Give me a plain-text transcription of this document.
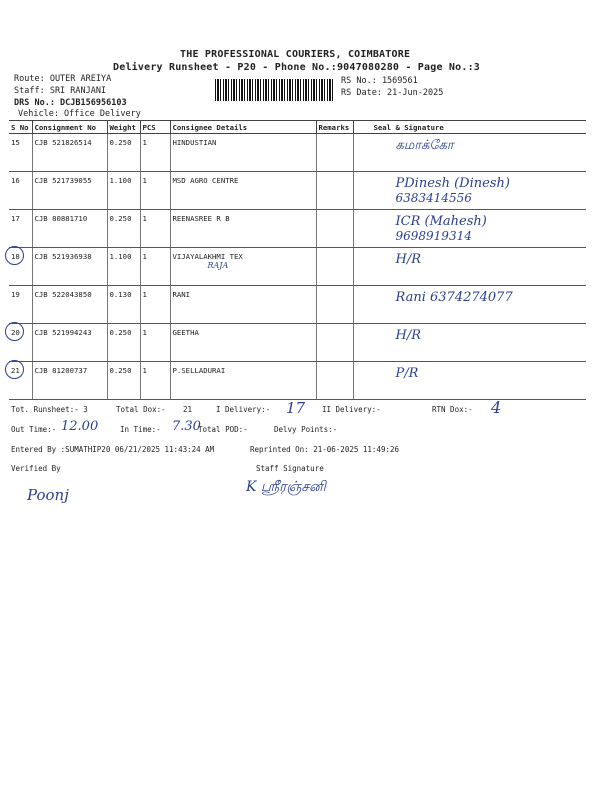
THE PROFESSIONAL COURIERS, COIMBATORE
Delivery Runsheet - P20 - Phone No.:9047080280 - Page No.:3
Route: OUTER AREIYA
Staff: SRI RANJANI
DRS No.: DCJB156956103
Vehicle: Office Delivery
RS No.: 1569561
RS Date: 21-Jun-2025
S No	Consignment No	Weight	PCS	Consignee Details	Remarks	Seal & Signature
15	CJB 521826514	0.250	1	HINDUSTIAN		கமாக்கோ

16	CJB 521739055	1.100	1	MSD AGRO CENTRE		PDinesh (Dinesh)
6383414556

17	CJB 80881710	0.250	1	REENASREE R B		ICR (Mahesh)
9698919314

18	CJB 521936938	1.100	1	VIJAYALAKHMI TEX
RAJA		H/R

19	CJB 522043850	0.130	1	RANI		Rani 6374274077

20	CJB 521994243	0.250	1	GEETHA		H/R

21	CJB 81200737	0.250	1	P.SELLADURAI		P/R
Tot. Runsheet:- 3	Total Dox:- 21	I Delivery:- 17 II Delivery:-	RTN Dox:- 4
Out Time:- 12.00	In Time:- 7.30
Total POD:-	Delvy Points:-
Entered By :SUMATHIP20 06/21/2025 11:43:24 AM	Reprinted On: 21-06-2025 11:49:26
Verified By	Staff Signature
Poonj	K ஸ்ரீரஞ்சனி
